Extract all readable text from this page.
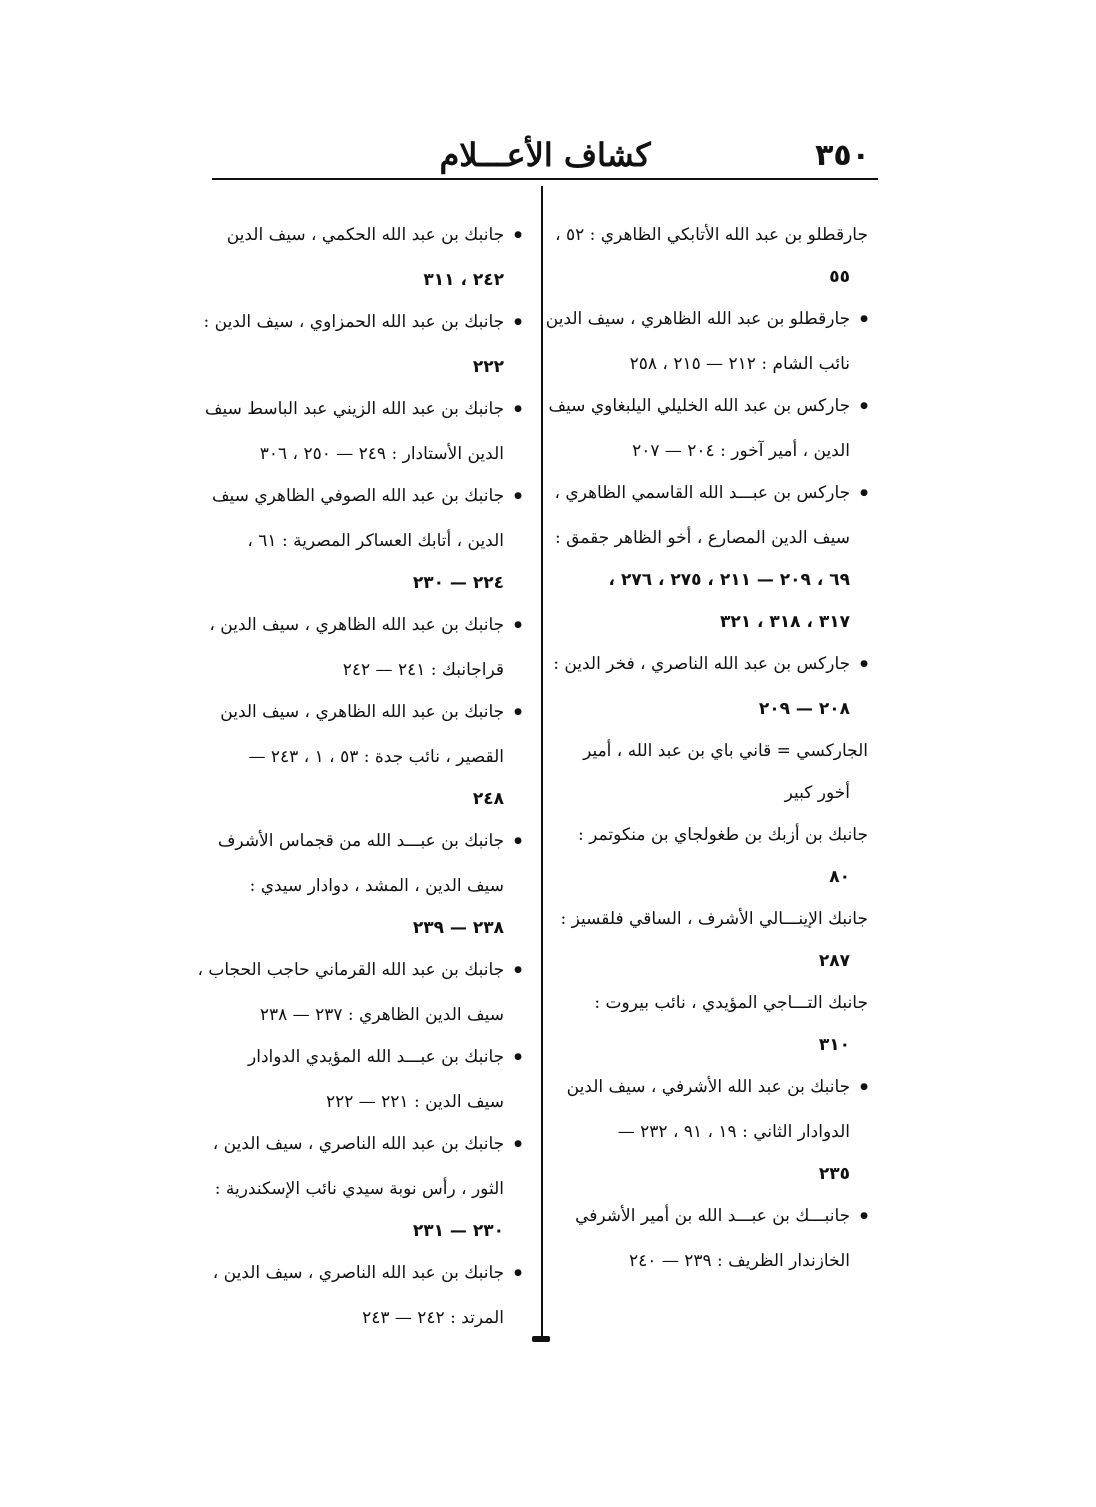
كشاف الأعـــلام	٣٥٠
جارقطلو بن عبد الله الأتابكي الظاهري : ٥٢ ،
٥٥
● جارقطلو بن عبد الله الظاهري ، سيف الدين
نائب الشام : ٢١٢ — ٢١٥ ، ٢٥٨
● جاركس بن عبد الله الخليلي اليلبغاوي سيف
الدين ، أمير آخور : ٢٠٤ — ٢٠٧
● جاركس بن عبـــد الله القاسمي الظاهري ،
سيف الدين المصارع ، أخو الظاهر جقمق :
٦٩ ، ٢٠٩ — ٢١١ ، ٢٧٥ ، ٢٧٦ ،
٣١٧ ، ٣١٨ ، ٣٢١
● جاركس بن عبد الله الناصري ، فخر الدين :
٢٠٨ — ٢٠٩
الجاركسي = قاني باي بن عبد الله ، أمير
أخور كبير
جانبك بن أزبك بن طغولجاي بن منكوتمر :
٨٠
جانبك الإينـــالي الأشرف ، الساقي فلقسيز :
٢٨٧
جانبك التـــاجي المؤيدي ، نائب بيروت :
٣١٠
● جانبك بن عبد الله الأشرفي ، سيف الدين
الدوادار الثاني : ١٩ ، ٩١ ، ٢٣٢ —
٢٣٥
● جانبـــك بن عبـــد الله بن أمير الأشرفي
الخازندار الظريف : ٢٣٩ — ٢٤٠
● جانبك بن عبد الله الحكمي ، سيف الدين
٢٤٢ ، ٣١١
● جانبك بن عبد الله الحمزاوي ، سيف الدين :
٢٢٢
● جانبك بن عبد الله الزيني عبد الباسط سيف
الدين الأستادار : ٢٤٩ — ٢٥٠ ، ٣٠٦
● جانبك بن عبد الله الصوفي الظاهري سيف
الدين ، أتابك العساكر المصرية : ٦١ ،
٢٢٤ — ٢٣٠
● جانبك بن عبد الله الظاهري ، سيف الدين ،
قراجانبك : ٢٤١ — ٢٤٢
● جانبك بن عبد الله الظاهري ، سيف الدين
القصير ، نائب جدة : ٥٣ ، ١ ، ٢٤٣ —
٢٤٨
● جانبك بن عبـــد الله من قجماس الأشرف
سيف الدين ، المشد ، دوادار سيدي :
٢٣٨ — ٢٣٩
● جانبك بن عبد الله القرماني حاجب الحجاب ،
سيف الدين الظاهري : ٢٣٧ — ٢٣٨
● جانبك بن عبـــد الله المؤيدي الدوادار
سيف الدين : ٢٢١ — ٢٢٢
● جانبك بن عبد الله الناصري ، سيف الدين ،
الثور ، رأس نوبة سيدي نائب الإسكندرية :
٢٣٠ — ٢٣١
● جانبك بن عبد الله الناصري ، سيف الدين ،
المرتد : ٢٤٢ — ٢٤٣
